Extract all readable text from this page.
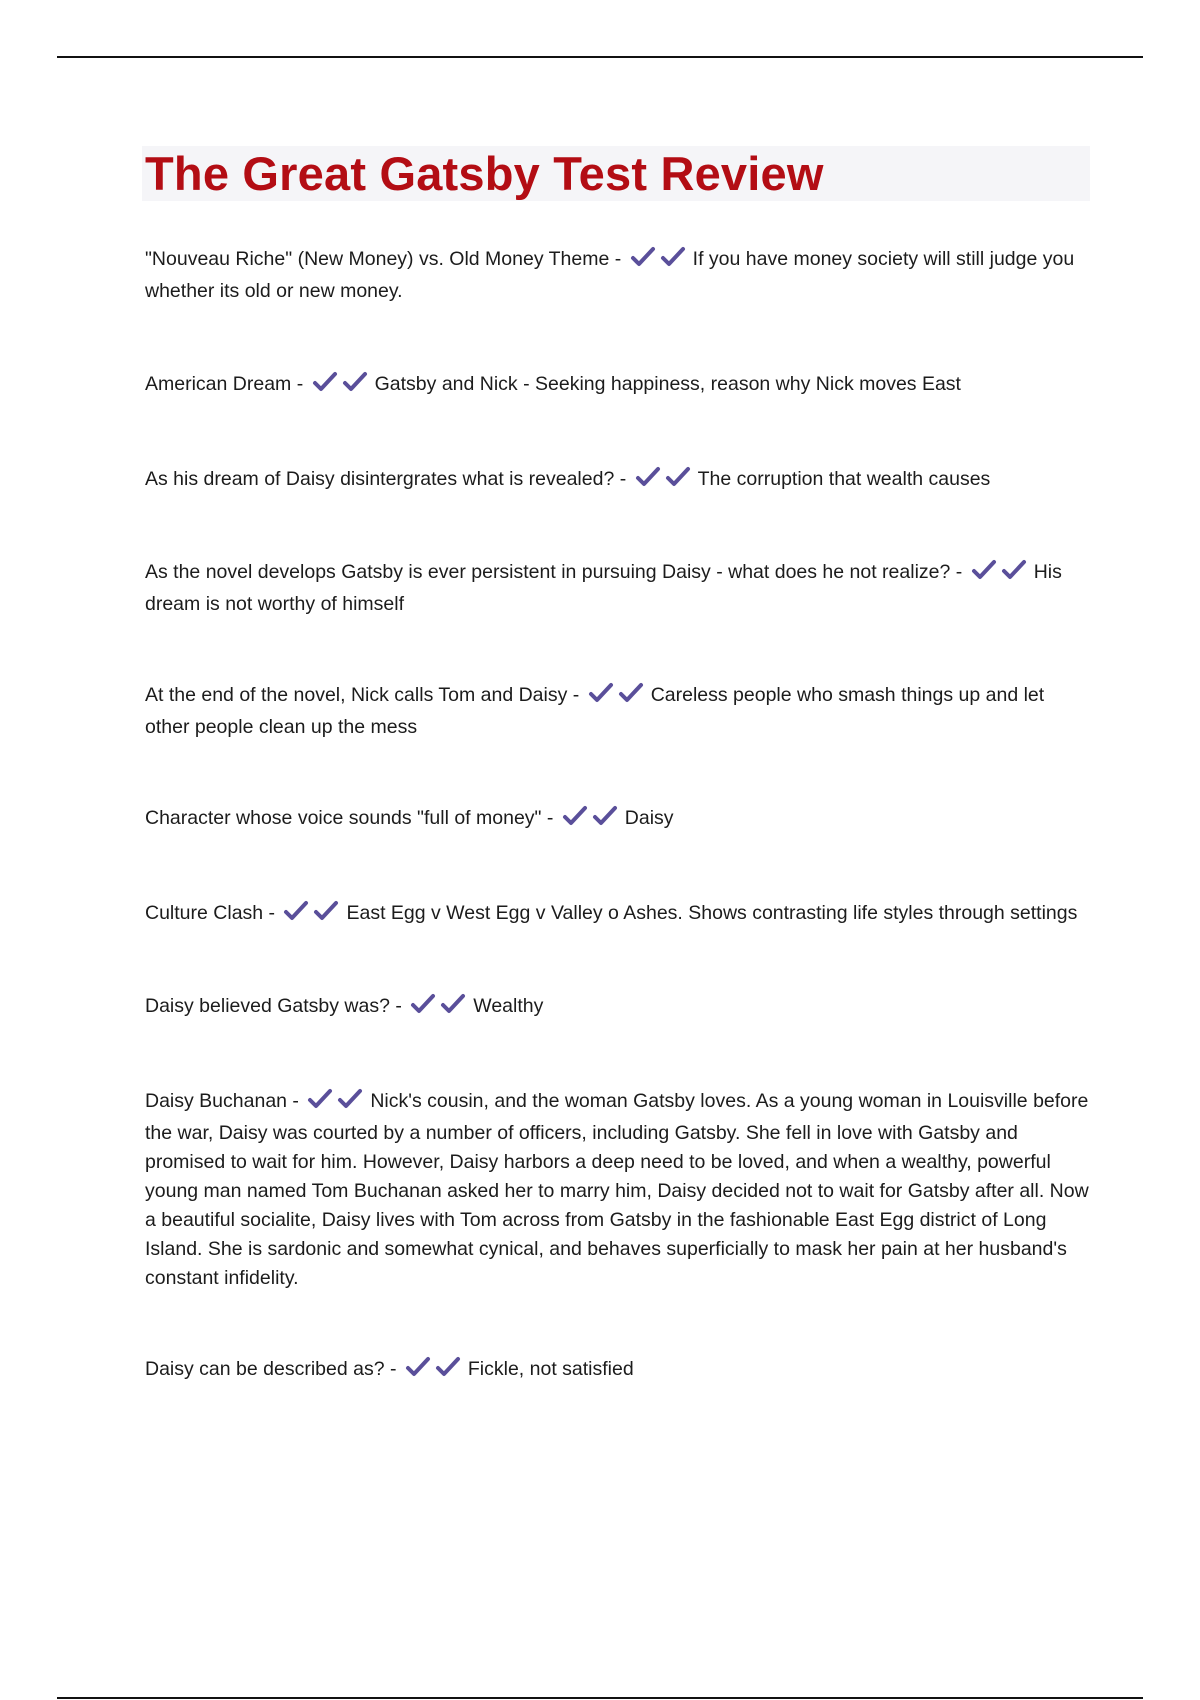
The Great Gatsby Test Review
"Nouveau Riche" (New Money) vs. Old Money Theme -	If you have money society will still judge you whether its old or new money.
American Dream -	Gatsby and Nick - Seeking happiness, reason why Nick moves East
As his dream of Daisy disintergrates what is revealed? -	The corruption that wealth causes
As the novel develops Gatsby is ever persistent in pursuing Daisy - what does he not realize? -	His dream is not worthy of himself
At the end of the novel, Nick calls Tom and Daisy -	Careless people who smash things up and let other people clean up the mess
Character whose voice sounds "full of money" -	Daisy
Culture Clash -	East Egg v West Egg v Valley o Ashes. Shows contrasting life styles through settings
Daisy believed Gatsby was? -	Wealthy
Daisy Buchanan -	Nick's cousin, and the woman Gatsby loves. As a young woman in Louisville before the war, Daisy was courted by a number of officers, including Gatsby. She fell in love with Gatsby and promised to wait for him. However, Daisy harbors a deep need to be loved, and when a wealthy, powerful young man named Tom Buchanan asked her to marry him, Daisy decided not to wait for Gatsby after all. Now a beautiful socialite, Daisy lives with Tom across from Gatsby in the fashionable East Egg district of Long Island. She is sardonic and somewhat cynical, and behaves superficially to mask her pain at her husband's constant infidelity.
Daisy can be described as? -	Fickle, not satisfied
